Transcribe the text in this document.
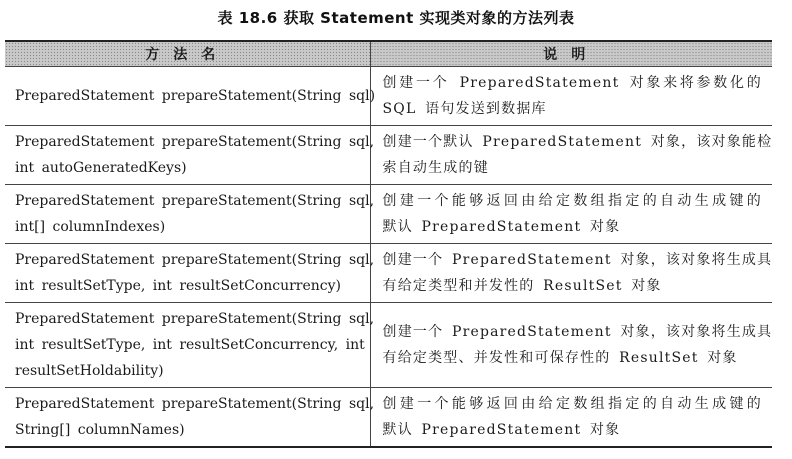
表 18.6 获取 Statement 实现类对象的方法列表
方法名	说明

PreparedStatement prepareStatement(String sql)	创建一个 PreparedStatement 对象来将参数化的
SQL 语句发送到数据库

PreparedStatement prepareStatement(String sql,
int autoGeneratedKeys)	创建一个默认 PreparedStatement 对象，该对象能检
索自动生成的键

PreparedStatement prepareStatement(String sql,
int[] columnIndexes)	创建一个能够返回由给定数组指定的自动生成键的
默认 PreparedStatement 对象

PreparedStatement prepareStatement(String sql,
int resultSetType, int resultSetConcurrency)	创建一个 PreparedStatement 对象，该对象将生成具
有给定类型和并发性的 ResultSet 对象

PreparedStatement prepareStatement(String sql,
int resultSetType, int resultSetConcurrency, int
resultSetHoldability)	创建一个 PreparedStatement 对象，该对象将生成具
有给定类型、并发性和可保存性的 ResultSet 对象

PreparedStatement prepareStatement(String sql,
String[] columnNames)	创建一个能够返回由给定数组指定的自动生成键的
默认 PreparedStatement 对象
